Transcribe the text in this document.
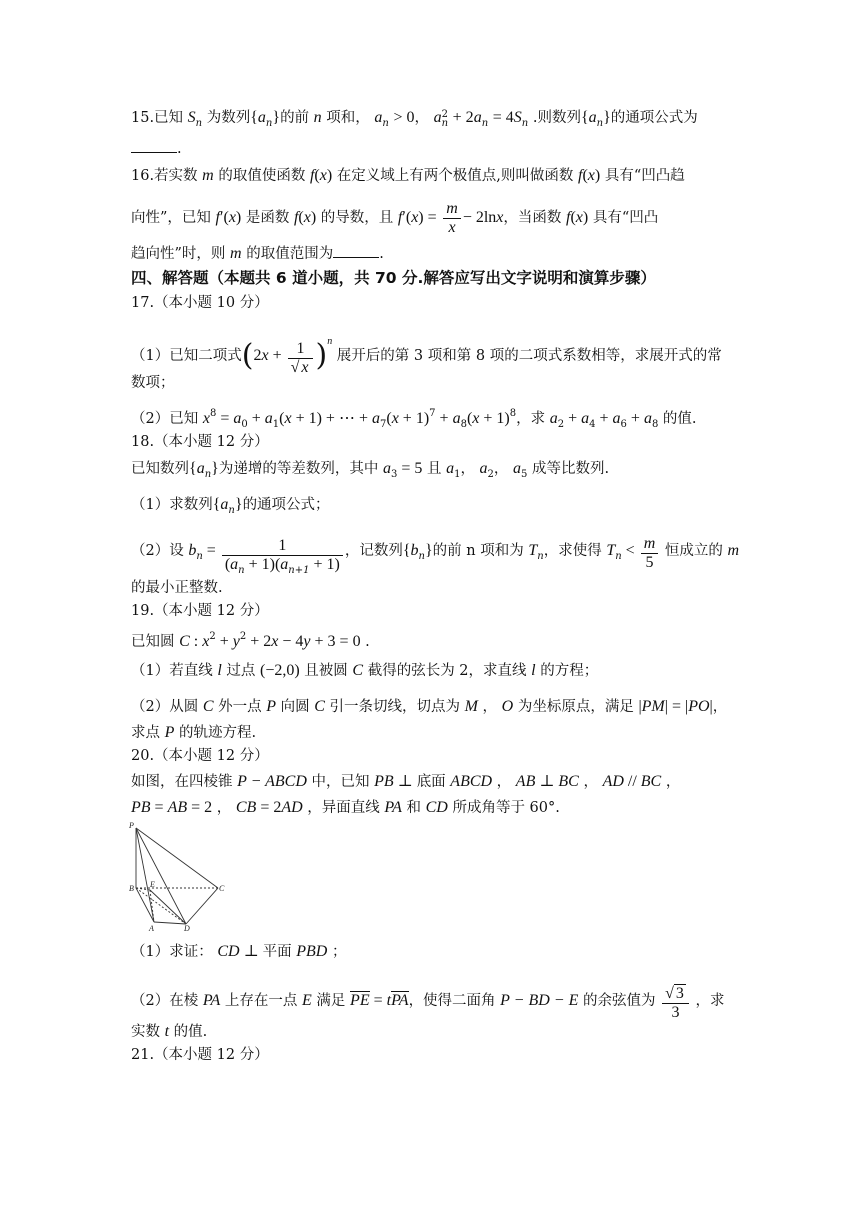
15.已知 $S_n$ 为数列$\{a_n\}$的前 n 项和， $a_n > 0$， a $_{2 n} + 2a_n = 4S_n$ .则数列$\{a_n\}$的通项公式为
.
16.若实数 m 的取值使函数 f(x) 在定义域上有两个极值点,则叫做函数 f(x) 具有“凹凸趋
向性”，已知 f′(x) 是函数 f(x) 的导数，且 $f'(x) = \frac{m}{x} - 2\ln x$，当函数 f(x) 具有“凹凸
趋向性”时，则 m 的取值范围为	.
四、解答题（本题共 6 道小题，共 70 分.解答应写出文字说明和演算步骤）
17.（本小题 10 分）
（1）已知二项式$(2x + \frac{1}{√ x} )^n$ 展开后的第 3 项和第 8 项的二项式系数相等，求展开式的常
数项；
（2）已知 $x^8 = a_0 + a_1(x + 1)$ + ⋯ + $a_7(x + 1)^7 + a_8(x + 1)^8$，求 $a_2 + a_4 + a_6 + a_8$ 的值.
18.（本小题 12 分）
已知数列$\{a_n\}$为递增的等差数列，其中 $a_3 = 5$ 且 $a_1$， $a_2$， $a_5$ 成等比数列.
（1）求数列$\{a_n\}$的通项公式；
（2）设 $b_n = \frac{1}{(a_n + 1)(a_{n+1} + 1)}$ ，记数列$\{b_n\}$的前 n 项和为 $T_n$，求使得 $T_n < \frac{m}{5}$ 恒成立的 m
的最小正整数.
19.（本小题 12 分）
已知圆 C : $x^2 + y^2 + 2x - 4y + 3 = 0$ .
（1）若直线 l 过点 (−2,0) 且被圆 C 截得的弦长为 2，求直线 l 的方程；
（2）从圆 C 外一点 P 向圆 C 引一条切线，切点为 M ， O 为坐标原点，满足 |PM| = |PO|，
求点 P 的轨迹方程.
20.（本小题 12 分）
如图，在四棱锥 P − ABCD 中，已知 PB ⊥ 底面 ABCD ， AB ⊥ BC ， AD // BC ，
PB = AB = 2 ， CB = 2AD ，异面直线 PA 和 CD 所成角等于 60°.
P
B E	C
A	D
（1）求证： CD ⊥ 平面 PBD ；
（2）在棱 PA 上存在一点 E 满足 PE = tPA，使得二面角 P − BD − E 的余弦值为 $\frac{√ 3}{3}$ ，求
实数 t 的值.
21.（本小题 12 分）
